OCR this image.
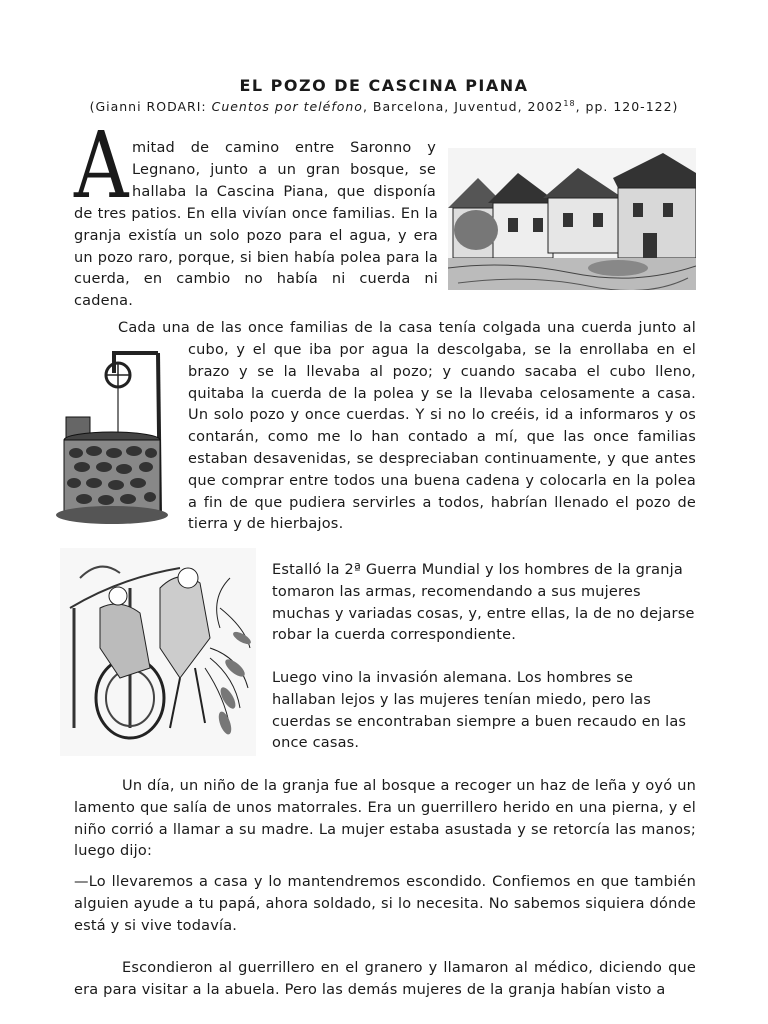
EL POZO DE CASCINA PIANA
(Gianni RODARI: Cuentos por teléfono, Barcelona, Juventud, 2002$^{18}$, pp. 120-122)
A mitad de camino entre Saronno y

Legnano, junto a un gran bosque, se

hallaba la Cascina Piana, que disponía

de tres patios. En ella vivían once familias. En la granja existía un solo pozo para el agua, y era un pozo raro, porque, si bien había polea para la cuerda, en cambio no había ni cuerda ni cadena.

Cada una de las once familias de la casa tenía colgada una cuerda junto al

cubo, y el que iba por agua la descolgaba, se la enrollaba en el brazo y se la llevaba al pozo; y cuando sacaba el cubo lleno, quitaba la cuerda de la polea y se la llevaba celosamente a casa. Un solo pozo y once cuerdas. Y si no lo creéis, id a informaros y os contarán, como me lo han contado a mí, que las once familias estaban desavenidas, se despreciaban continuamente, y que antes que comprar entre todos una buena cadena y colocarla en la polea a fin de que pudiera servirles a todos, habrían llenado el pozo de tierra y de hierbajos.

Estalló la 2ª Guerra Mundial y los hombres de la granja tomaron las armas, recomendando a sus mujeres muchas y variadas cosas, y, entre ellas, la de no dejarse robar la cuerda correspondiente.

Luego vino la invasión alemana. Los hombres se hallaban lejos y las mujeres tenían miedo, pero las cuerdas se encontraban siempre a buen recaudo en las once casas.

Un día, un niño de la granja fue al bosque a recoger un haz de leña y oyó un lamento que salía de unos matorrales. Era un guerrillero herido en una pierna, y el niño corrió a llamar a su madre. La mujer estaba asustada y se retorcía las manos; luego dijo:

—Lo llevaremos a casa y lo mantendremos escondido. Confiemos en que también alguien ayude a tu papá, ahora soldado, si lo necesita. No sabemos siquiera dónde está y si vive todavía.

Escondieron al guerrillero en el granero y llamaron al médico, diciendo que era para visitar a la abuela. Pero las demás mujeres de la granja habían visto a
